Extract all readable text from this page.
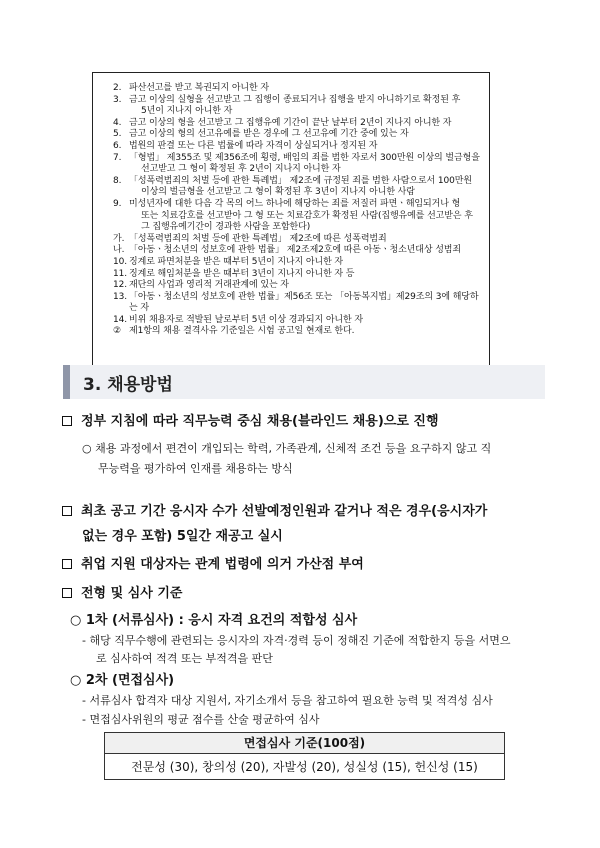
2. 파산선고를 받고 복권되지 아니한 자
3. 금고 이상의 실형을 선고받고 그 집행이 종료되거나 집행을 받지 아니하기로 확정된 후
5년이 지나지 아니한 자
4. 금고 이상의 형을 선고받고 그 집행유예 기간이 끝난 날부터 2년이 지나지 아니한 자
5. 금고 이상의 형의 선고유예를 받은 경우에 그 선고유예 기간 중에 있는 자
6. 법원의 판결 또는 다른 법률에 따라 자격이 상실되거나 정지된 자
7. 「형법」 제355조 및 제356조에 횡령, 배임의 죄를 범한 자로서 300만원 이상의 벌금형을
선고받고 그 형이 확정된 후 2년이 지나지 아니한 자
8. 「성폭력범죄의 처벌 등에 관한 특례법」 제2조에 규정된 죄를 범한 사람으로서 100만원
이상의 벌금형을 선고받고 그 형이 확정된 후 3년이 지나지 아니한 사람
9. 미성년자에 대한 다음 각 목의 어느 하나에 해당하는 죄를 저질러 파면ㆍ해임되거나 형
또는 치료감호를 선고받아 그 형 또는 치료감호가 확정된 사람(집행유예를 선고받은 후
그 집행유예기간이 경과한 사람을 포함한다)
가. 「성폭력범죄의 처벌 등에 관한 특례법」 제2조에 따른 성폭력범죄
나. 「아동ㆍ청소년의 성보호에 관한 법률」 제2조제2호에 따른 아동ㆍ청소년대상 성범죄
10. 징계로 파면처분을 받은 때부터 5년이 지나지 아니한 자
11. 징계로 해임처분을 받은 때부터 3년이 지나지 아니한 자 등
12. 재단의 사업과 영리적 거래관계에 있는 자
13. 「아동ㆍ청소년의 성보호에 관한 법률」제56조 또는 「아동복지법」제29조의 3에 해당하는 자
14. 비위 채용자로 적발된 날로부터 5년 이상 경과되지 아니한 자
② 제1항의 채용 결격사유 기준일은 시험 공고일 현재로 한다.
3. 채용방법
정부 지침에 따라 직무능력 중심 채용(블라인드 채용)으로 진행
○ 채용 과정에서 편견이 개입되는 학력, 가족관계, 신체적 조건 등을 요구하지 않고 직
무능력을 평가하여 인재를 채용하는 방식
최초 공고 기간 응시자 수가 선발예정인원과 같거나 적은 경우(응시자가
없는 경우 포함) 5일간 재공고 실시
취업 지원 대상자는 관계 법령에 의거 가산점 부여
전형 및 심사 기준
○ 1차 (서류심사) : 응시 자격 요건의 적합성 심사
- 해당 직무수행에 관련되는 응시자의 자격·경력 등이 정해진 기준에 적합한지 등을 서면으
로 심사하여 적격 또는 부적격을 판단
○ 2차 (면접심사)
- 서류심사 합격자 대상 지원서, 자기소개서 등을 참고하여 필요한 능력 및 적격성 심사
- 면접심사위원의 평균 점수를 산술 평균하여 심사
면접심사 기준(100점)
전문성 (30), 창의성 (20), 자발성 (20), 성실성 (15), 헌신성 (15)
